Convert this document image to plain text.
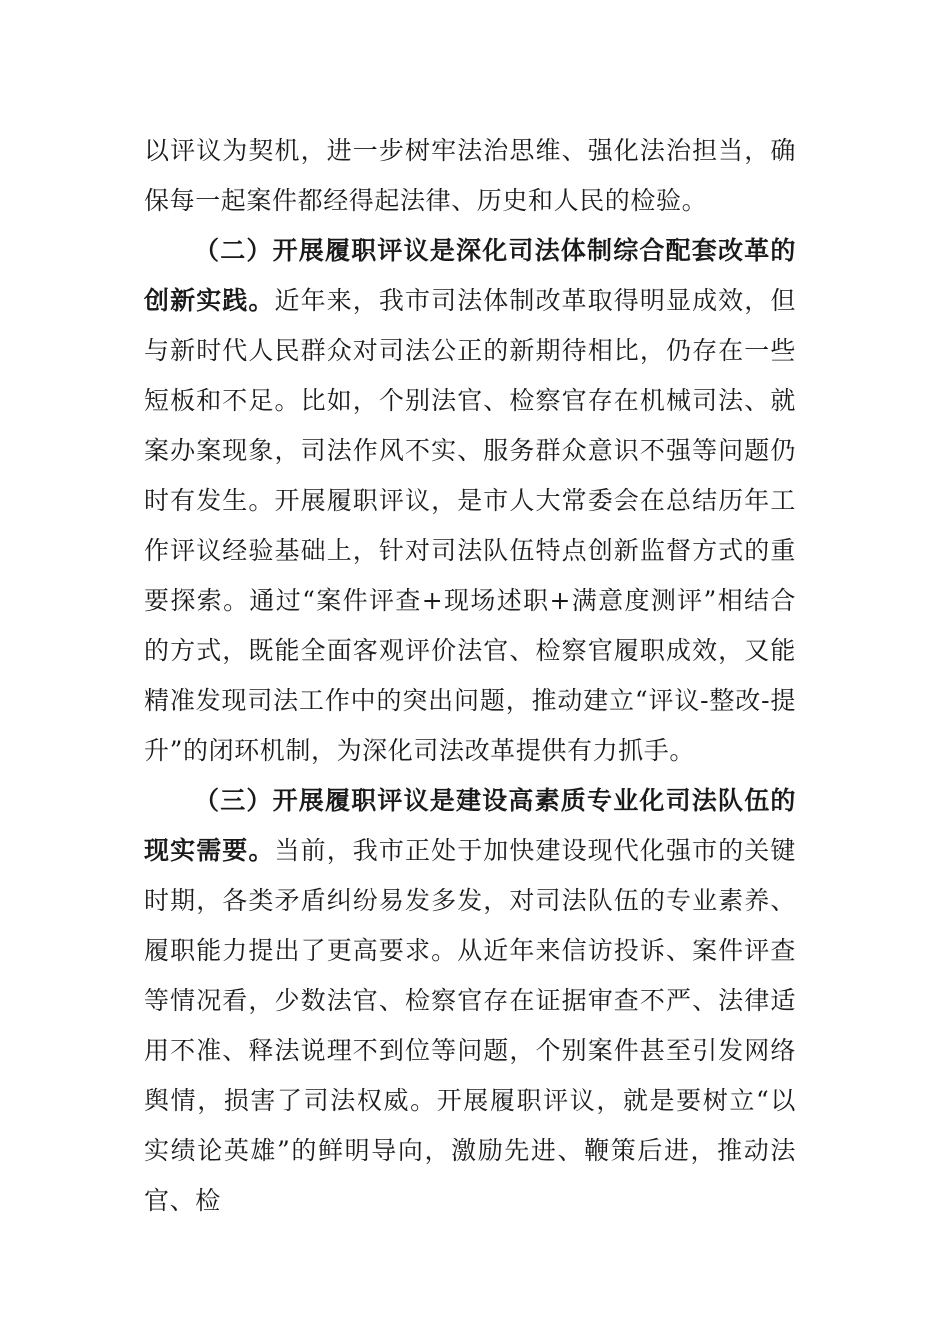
以评议为契机，进一步树牢法治思维、强化法治担当，确保每一起案件都经得起法律、历史和人民的检验。

（二）开展履职评议是深化司法体制综合配套改革的创新实践。近年来，我市司法体制改革取得明显成效，但与新时代人民群众对司法公正的新期待相比，仍存在一些短板和不足。比如，个别法官、检察官存在机械司法、就案办案现象，司法作风不实、服务群众意识不强等问题仍时有发生。开展履职评议，是市人大常委会在总结历年工作评议经验基础上，针对司法队伍特点创新监督方式的重要探索。通过“案件评查+现场述职+满意度测评”相结合的方式，既能全面客观评价法官、检察官履职成效，又能精准发现司法工作中的突出问题，推动建立“评议-整改-提升”的闭环机制，为深化司法改革提供有力抓手。

（三）开展履职评议是建设高素质专业化司法队伍的现实需要。当前，我市正处于加快建设现代化强市的关键时期，各类矛盾纠纷易发多发，对司法队伍的专业素养、履职能力提出了更高要求。从近年来信访投诉、案件评查等情况看，少数法官、检察官存在证据审查不严、法律适用不准、释法说理不到位等问题，个别案件甚至引发网络舆情，损害了司法权威。开展履职评议，就是要树立“以实绩论英雄”的鲜明导向，激励先进、鞭策后进，推动法官、检
